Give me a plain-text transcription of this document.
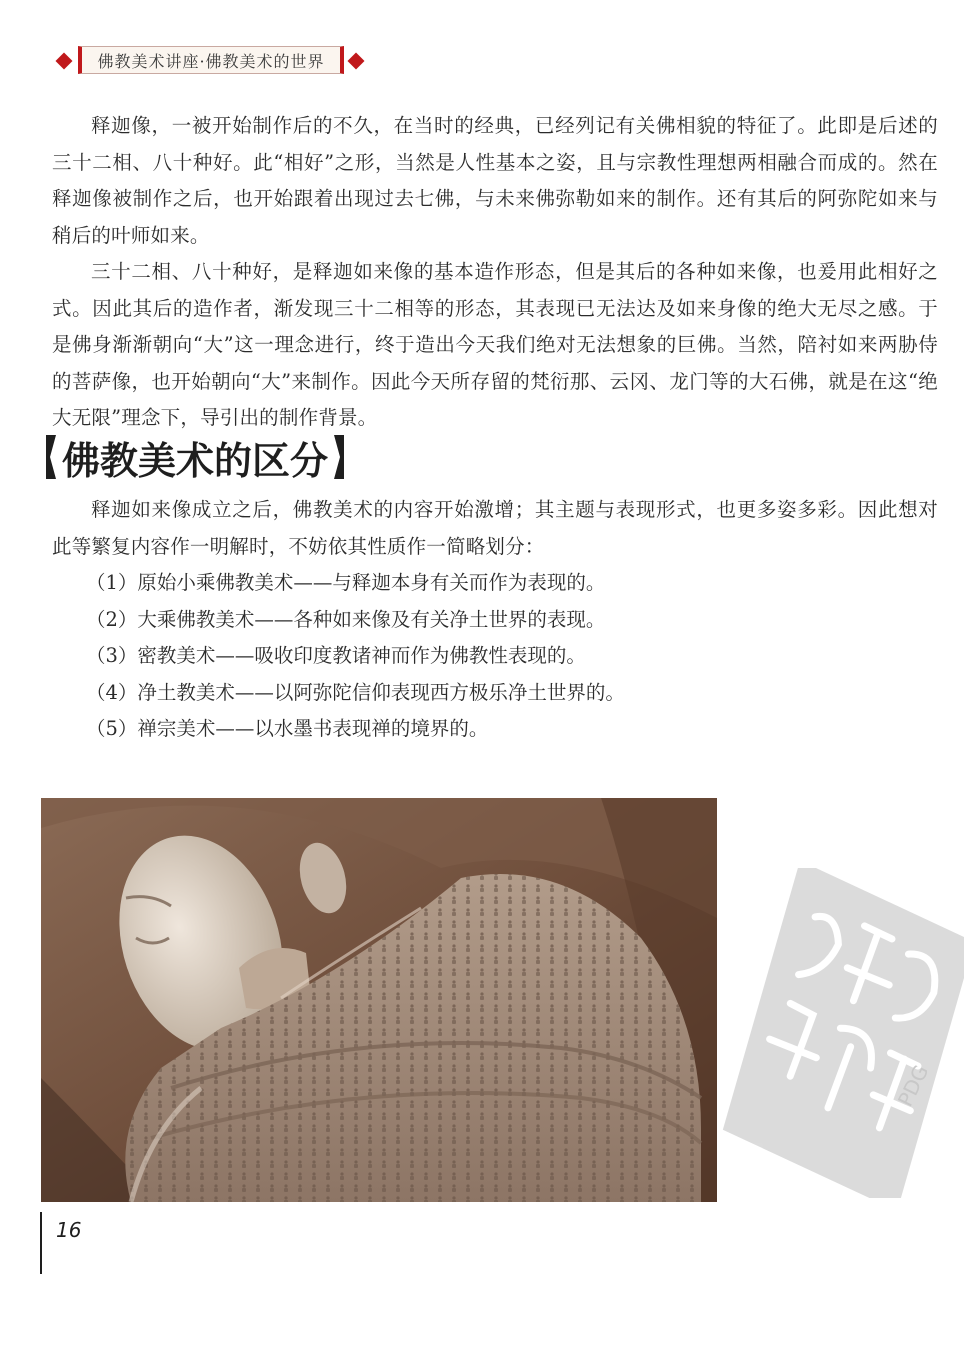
佛教美术讲座·佛教美术的世界

释迦像，一被开始制作后的不久，在当时的经典，已经列记有关佛相貌的特征了。此即是后述的三十二相、八十种好。此“相好”之形，当然是人性基本之姿，且与宗教性理想两相融合而成的。然在释迦像被制作之后，也开始跟着出现过去七佛，与未来佛弥勒如来的制作。还有其后的阿弥陀如来与稍后的叶师如来。

三十二相、八十种好，是释迦如来像的基本造作形态，但是其后的各种如来像，也爰用此相好之式。因此其后的造作者，渐发现三十二相等的形态，其表现已无法达及如来身像的绝大无尽之感。于是佛身渐渐朝向“大”这一理念进行，终于造出今天我们绝对无法想象的巨佛。当然，陪衬如来两胁侍的菩萨像，也开始朝向“大”来制作。因此今天所存留的梵衍那、云冈、龙门等的大石佛，就是在这“绝大无限”理念下，导引出的制作背景。

佛教美术的区分

释迦如来像成立之后，佛教美术的内容开始激增；其主题与表现形式，也更多姿多彩。因此想对此等繁复内容作一明解时，不妨依其性质作一简略划分：

（1）原始小乘佛教美术——与释迦本身有关而作为表现的。
（2）大乘佛教美术——各种如来像及有关净土世界的表现。
（3）密教美术——吸收印度教诸神而作为佛教性表现的。
（4）净土教美术——以阿弥陀信仰表现西方极乐净土世界的。
（5）禅宗美术——以水墨书表现禅的境界的。
PDG
16
